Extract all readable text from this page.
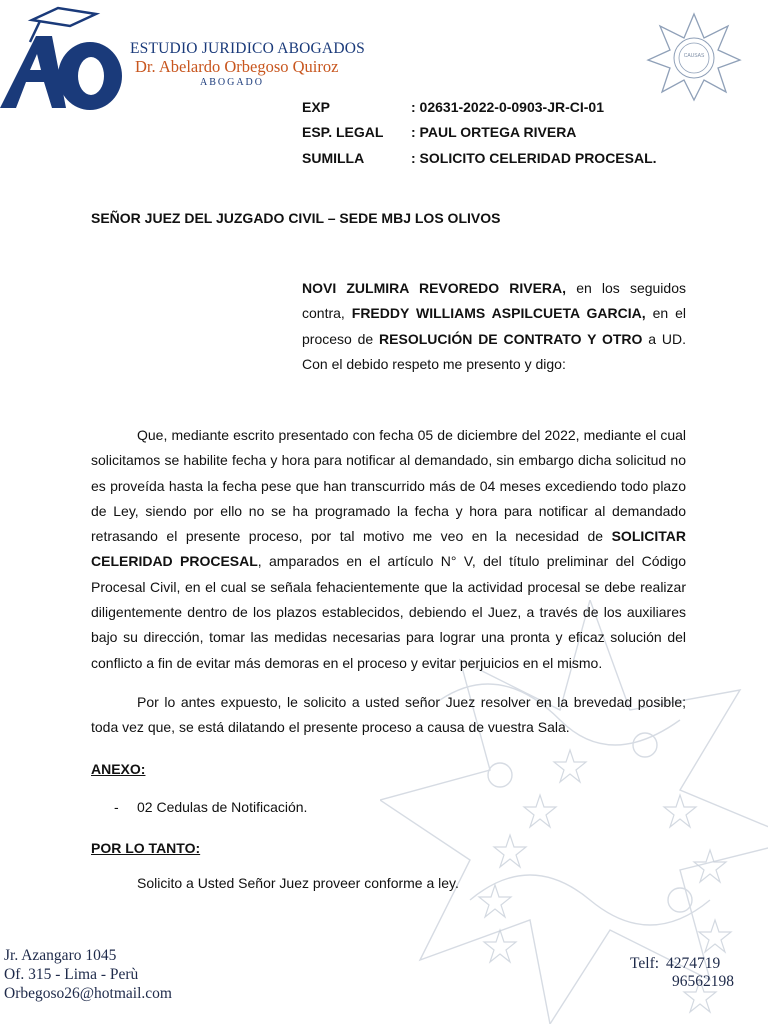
ESTUDIO JURIDICO ABOGADOS
Dr. Abelardo Orbegoso Quiroz
ABOGADO
CAUSAS
EXP	: 02631-2022-0-0903-JR-CI-01
ESP. LEGAL : PAUL ORTEGA RIVERA
SUMILLA	: SOLICITO CELERIDAD PROCESAL.
SEÑOR JUEZ DEL JUZGADO CIVIL – SEDE MBJ LOS OLIVOS
NOVI ZULMIRA REVOREDO RIVERA, en los seguidos contra, FREDDY WILLIAMS ASPILCUETA GARCIA, en el proceso de RESOLUCIÓN DE CONTRATO Y OTRO a UD. Con el debido respeto me presento y digo:
Que, mediante escrito presentado con fecha 05 de diciembre del 2022, mediante el cual solicitamos se habilite fecha y hora para notificar al demandado, sin embargo dicha solicitud no es proveída hasta la fecha pese que han transcurrido más de 04 meses excediendo todo plazo de Ley, siendo por ello no se ha programado la fecha y hora para notificar al demandado retrasando el presente proceso, por tal motivo me veo en la necesidad de SOLICITAR CELERIDAD PROCESAL, amparados en el artículo N° V, del título preliminar del Código Procesal Civil, en el cual se señala fehacientemente que la actividad procesal se debe realizar diligentemente dentro de los plazos establecidos, debiendo el Juez, a través de los auxiliares bajo su dirección, tomar las medidas necesarias para lograr una pronta y eficaz solución del conflicto a fin de evitar más demoras en el proceso y evitar perjuicios en el mismo.
Por lo antes expuesto, le solicito a usted señor Juez resolver en la brevedad posible; toda vez que, se está dilatando el presente proceso a causa de vuestra Sala.
ANEXO:
- 02 Cedulas de Notificación.
POR LO TANTO:
Solicito a Usted Señor Juez proveer conforme a ley.
Jr. Azangaro 1045
Of. 315 - Lima - Perù
Orbegoso26@hotmail.com
Telf: 4274719
96562198
